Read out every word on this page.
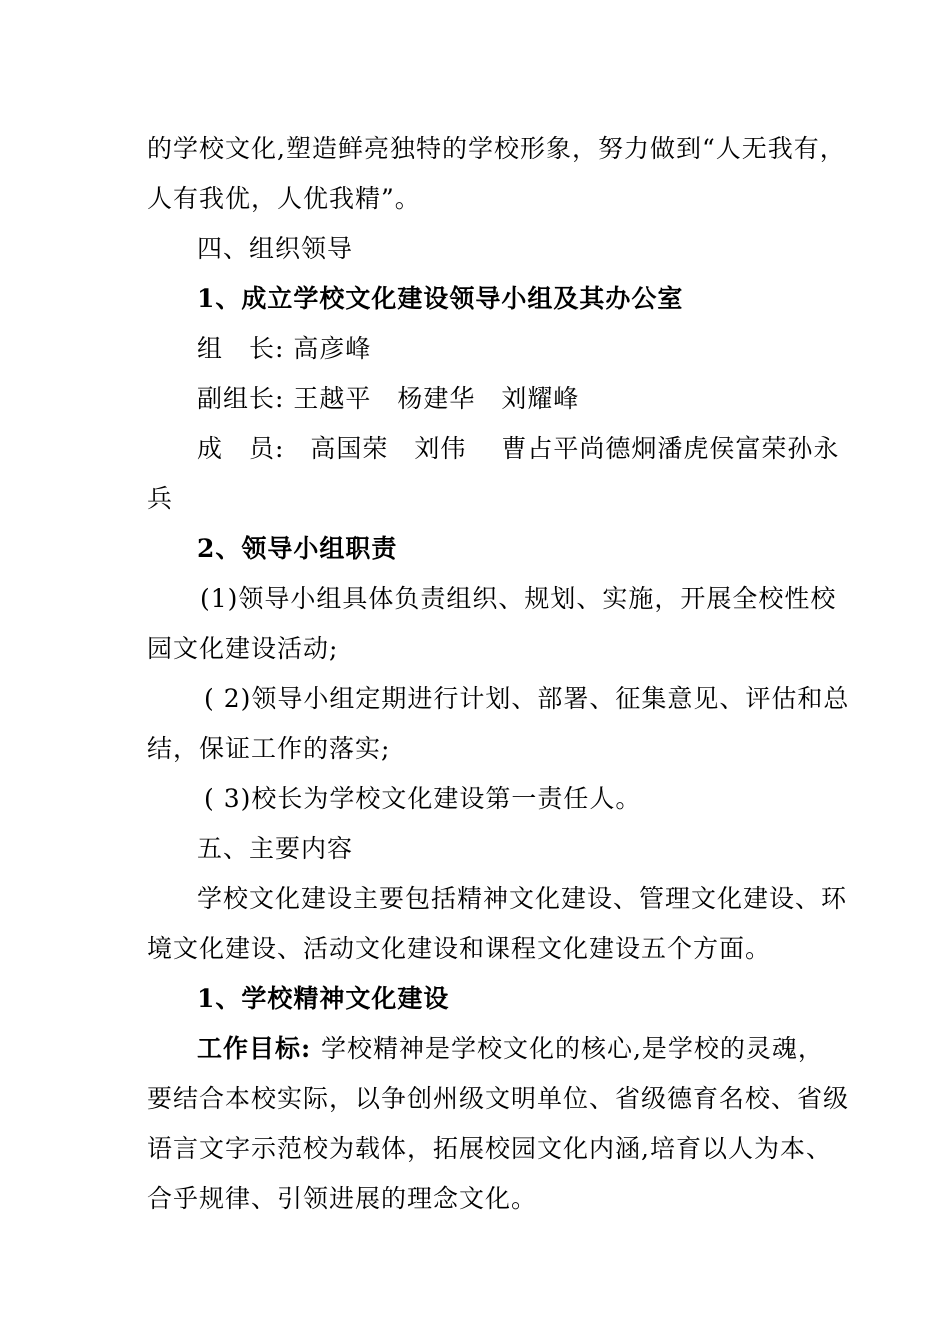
的学校文化,塑造鲜亮独特的学校形象，努力做到“人无我有，
人有我优，人优我精”。
四、组织领导
1、成立学校文化建设领导小组及其办公室
组　长: 高彦峰
副组长: 王越平　杨建华　刘耀峰
成　员:　高国荣　刘伟　 曹占平尚德炯潘虎侯富荣孙永
兵
2、领导小组职责
(1)领导小组具体负责组织、规划、实施，开展全校性校
园文化建设活动;
( 2)领导小组定期进行计划、部署、征集意见、评估和总
结，保证工作的落实;
( 3)校长为学校文化建设第一责任人。
五、主要内容
学校文化建设主要包括精神文化建设、管理文化建设、环
境文化建设、活动文化建设和课程文化建设五个方面。
1、学校精神文化建设
工作目标: 学校精神是学校文化的核心,是学校的灵魂，
要结合本校实际，以争创州级文明单位、省级德育名校、省级
语言文字示范校为载体，拓展校园文化内涵,培育以人为本、
合乎规律、引领进展的理念文化。
